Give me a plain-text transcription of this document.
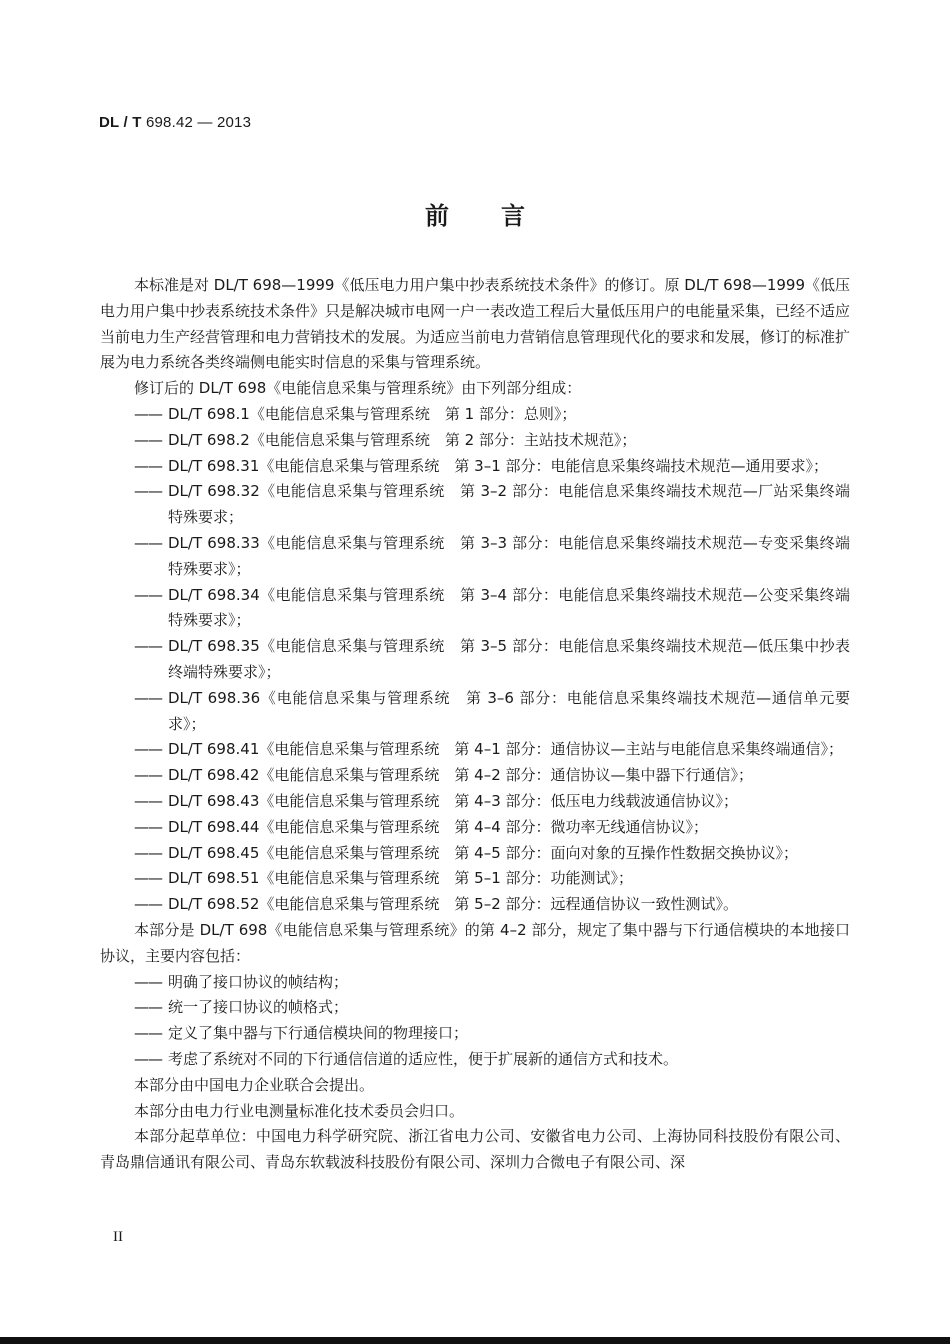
DL / T 698.42 — 2013
前言

本标准是对 DL/T 698—1999《低压电力用户集中抄表系统技术条件》的修订。原 DL/T 698—1999《低压电力用户集中抄表系统技术条件》只是解决城市电网一户一表改造工程后大量低压用户的电能量采集，已经不适应当前电力生产经营管理和电力营销技术的发展。为适应当前电力营销信息管理现代化的要求和发展，修订的标准扩展为电力系统各类终端侧电能实时信息的采集与管理系统。

修订后的 DL/T 698《电能信息采集与管理系统》由下列部分组成：

—— DL/T 698.1《电能信息采集与管理系统　第 1 部分：总则》；

—— DL/T 698.2《电能信息采集与管理系统　第 2 部分：主站技术规范》；

—— DL/T 698.31《电能信息采集与管理系统　第 3–1 部分：电能信息采集终端技术规范—通用要求》；

—— DL/T 698.32《电能信息采集与管理系统　第 3–2 部分：电能信息采集终端技术规范—厂站采集终端特殊要求；

—— DL/T 698.33《电能信息采集与管理系统　第 3–3 部分：电能信息采集终端技术规范—专变采集终端特殊要求》；

—— DL/T 698.34《电能信息采集与管理系统　第 3–4 部分：电能信息采集终端技术规范—公变采集终端特殊要求》；

—— DL/T 698.35《电能信息采集与管理系统　第 3–5 部分：电能信息采集终端技术规范—低压集中抄表终端特殊要求》；

—— DL/T 698.36《电能信息采集与管理系统　第 3–6 部分：电能信息采集终端技术规范—通信单元要求》；

—— DL/T 698.41《电能信息采集与管理系统　第 4–1 部分：通信协议—主站与电能信息采集终端通信》；

—— DL/T 698.42《电能信息采集与管理系统　第 4–2 部分：通信协议—集中器下行通信》；

—— DL/T 698.43《电能信息采集与管理系统　第 4–3 部分：低压电力线载波通信协议》；

—— DL/T 698.44《电能信息采集与管理系统　第 4–4 部分：微功率无线通信协议》；

—— DL/T 698.45《电能信息采集与管理系统　第 4–5 部分：面向对象的互操作性数据交换协议》；

—— DL/T 698.51《电能信息采集与管理系统　第 5–1 部分：功能测试》；

—— DL/T 698.52《电能信息采集与管理系统　第 5–2 部分：远程通信协议一致性测试》。

本部分是 DL/T 698《电能信息采集与管理系统》的第 4–2 部分，规定了集中器与下行通信模块的本地接口协议，主要内容包括：

—— 明确了接口协议的帧结构；

—— 统一了接口协议的帧格式；

—— 定义了集中器与下行通信模块间的物理接口；

—— 考虑了系统对不同的下行通信信道的适应性，便于扩展新的通信方式和技术。

本部分由中国电力企业联合会提出。

本部分由电力行业电测量标准化技术委员会归口。

本部分起草单位：中国电力科学研究院、浙江省电力公司、安徽省电力公司、上海协同科技股份有限公司、青岛鼎信通讯有限公司、青岛东软载波科技股份有限公司、深圳力合微电子有限公司、深

II
